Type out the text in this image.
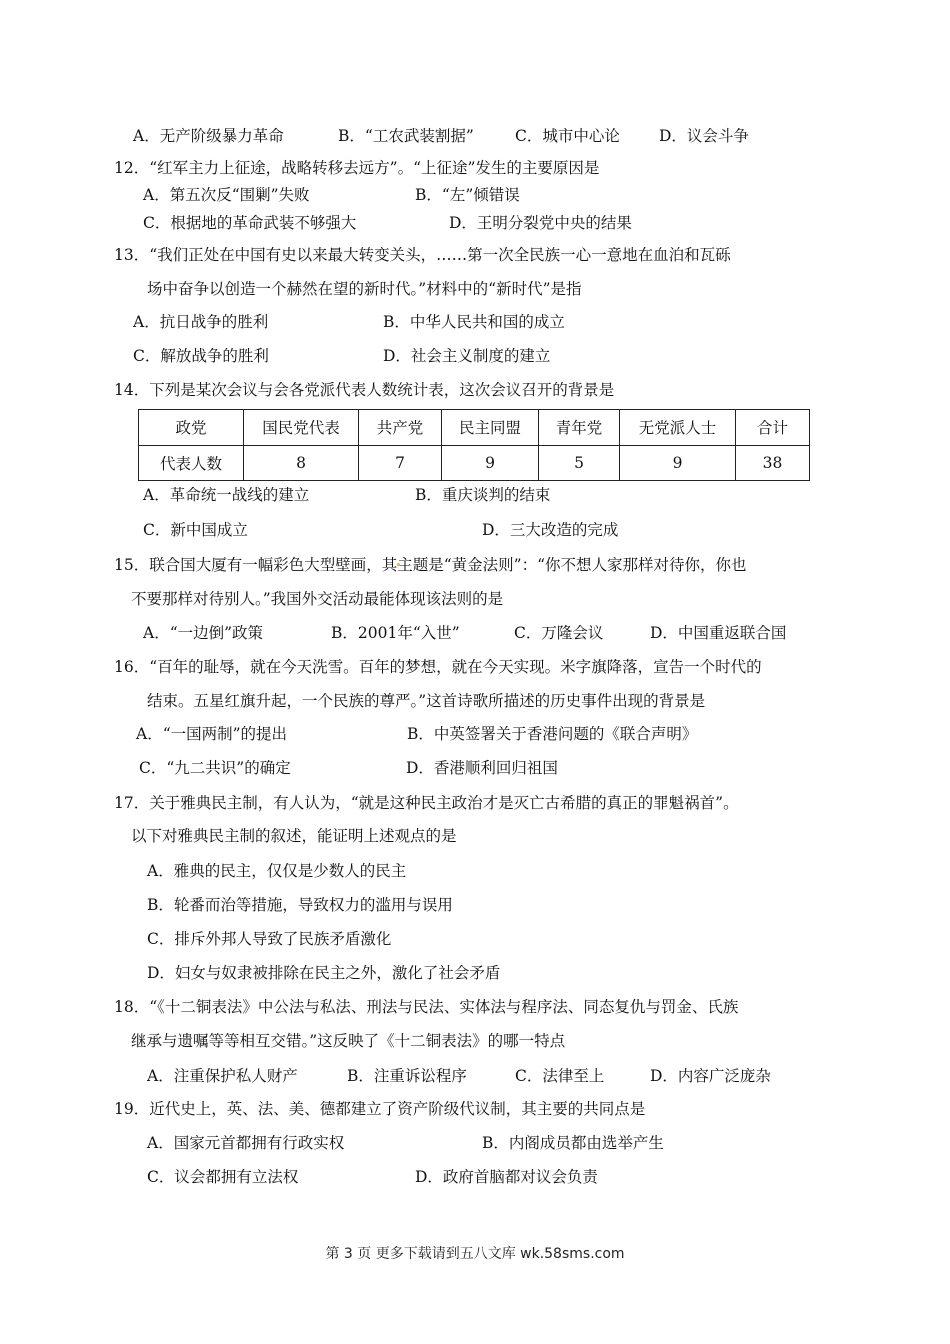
A．无产阶级暴力革命	B．“工农武装割据”	C．城市中心论	D．议会斗争
12．“红军主力上征途，战略转移去远方”。“上征途”发生的主要原因是
A．第五次反“围剿”失败	B．“左”倾错误
C．根据地的革命武装不够强大	D．王明分裂党中央的结果
13．“我们正处在中国有史以来最大转变关头，……第一次全民族一心一意地在血泊和瓦砾
场中奋争以创造一个赫然在望的新时代。”材料中的“新时代”是指
A．抗日战争的胜利	B．中华人民共和国的成立
C．解放战争的胜利	D．社会主义制度的建立
14．下列是某次会议与会各党派代表人数统计表，这次会议召开的背景是
政党	国民党代表	共产党	民主同盟	青年党	无党派人士	合计
代表人数	8	7	9	5	9	38
A．革命统一战线的建立	B．重庆谈判的结束
C．新中国成立	D．三大改造的完成
15．联合国大厦有一幅彩色大型壁画，其主题是“黄金法则”：“你不想人家那样对待你，你也
不要那样对待别人。”我国外交活动最能体现该法则的是
A．“一边倒”政策	B．2001年“入世”	C．万隆会议	D．中国重返联合国
16．“百年的耻辱，就在今天洗雪。百年的梦想，就在今天实现。米字旗降落，宣告一个时代的
结束。五星红旗升起，一个民族的尊严。”这首诗歌所描述的历史事件出现的背景是
A．“一国两制”的提出	B．中英签署关于香港问题的《联合声明》
C．“九二共识”的确定	D．香港顺利回归祖国
17．关于雅典民主制，有人认为，“就是这种民主政治才是灭亡古希腊的真正的罪魁祸首”。
以下对雅典民主制的叙述，能证明上述观点的是
A．雅典的民主，仅仅是少数人的民主
B．轮番而治等措施，导致权力的滥用与误用
C．排斥外邦人导致了民族矛盾激化
D．妇女与奴隶被排除在民主之外，激化了社会矛盾
18．“《十二铜表法》中公法与私法、刑法与民法、实体法与程序法、同态复仇与罚金、氏族
继承与遗嘱等等相互交错。”这反映了《十二铜表法》的哪一特点
A．注重保护私人财产	B．注重诉讼程序	C．法律至上	D．内容广泛庞杂
19．近代史上，英、法、美、德都建立了资产阶级代议制，其主要的共同点是
A．国家元首都拥有行政实权	B．内阁成员都由选举产生
C．议会都拥有立法权	D．政府首脑都对议会负责
第 3 页 更多下载请到五八文库 wk.58sms.com
